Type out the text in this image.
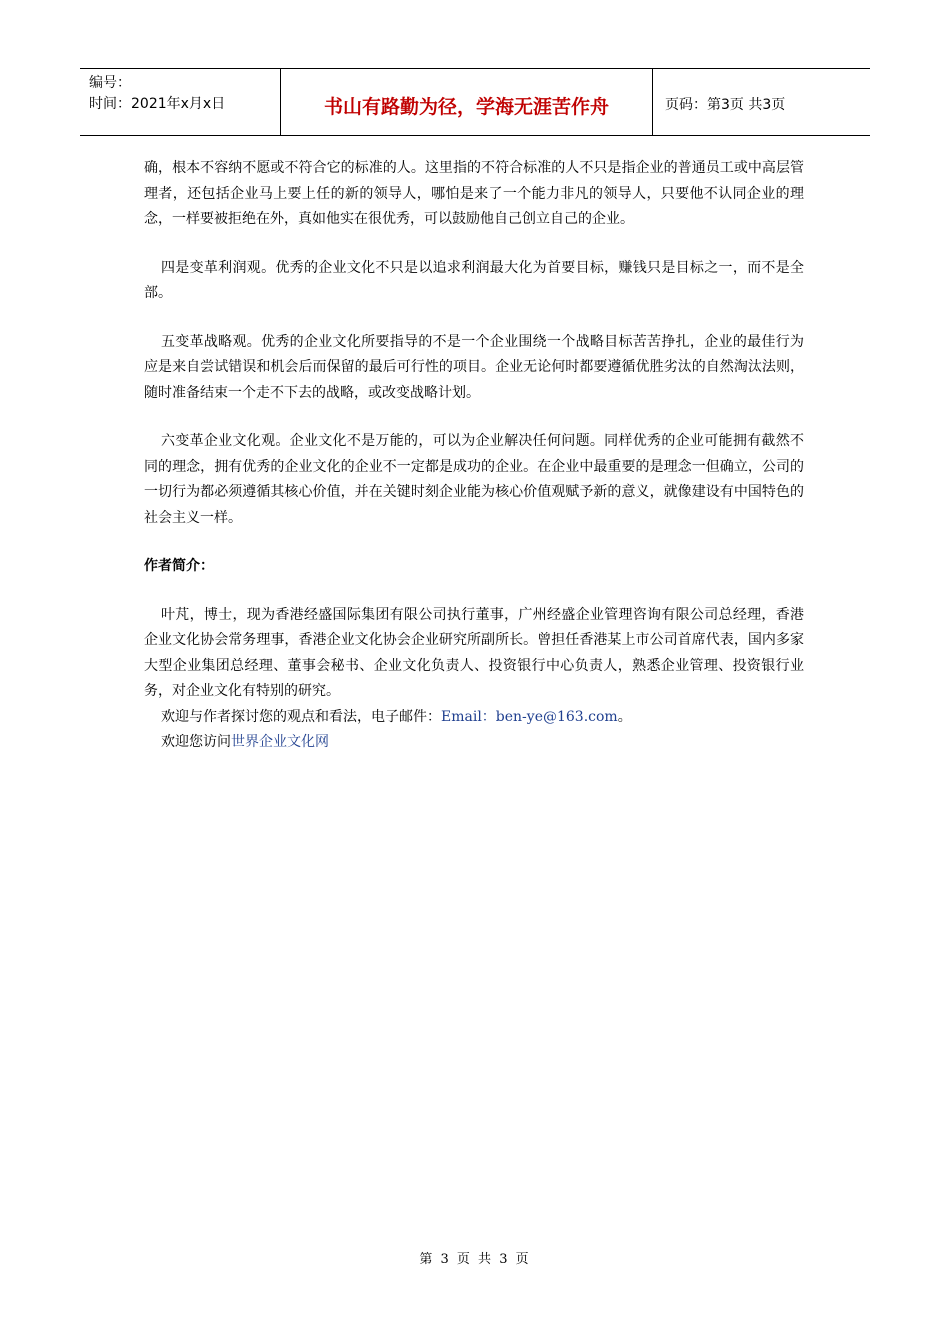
编号：
时间：2021年x月x日	书山有路勤为径，学海无涯苦作舟	页码：第3页 共3页

确，根本不容纳不愿或不符合它的标准的人。这里指的不符合标准的人不只是指企业的普通员工或中高层管理者，还包括企业马上要上任的新的领导人，哪怕是来了一个能力非凡的领导人，只要他不认同企业的理念，一样要被拒绝在外，真如他实在很优秀，可以鼓励他自己创立自己的企业。

四是变革利润观。优秀的企业文化不只是以追求利润最大化为首要目标，赚钱只是目标之一，而不是全部。

五变革战略观。优秀的企业文化所要指导的不是一个企业围绕一个战略目标苦苦挣扎，企业的最佳行为应是来自尝试错误和机会后而保留的最后可行性的项目。企业无论何时都要遵循优胜劣汰的自然淘汰法则，随时准备结束一个走不下去的战略，或改变战略计划。

六变革企业文化观。企业文化不是万能的，可以为企业解决任何问题。同样优秀的企业可能拥有截然不同的理念，拥有优秀的企业文化的企业不一定都是成功的企业。在企业中最重要的是理念一但确立，公司的一切行为都必须遵循其核心价值，并在关键时刻企业能为核心价值观赋予新的意义，就像建设有中国特色的社会主义一样。

作者简介：

叶芃，博士，现为香港经盛国际集团有限公司执行董事，广州经盛企业管理咨询有限公司总经理，香港企业文化协会常务理事，香港企业文化协会企业研究所副所长。曾担任香港某上市公司首席代表，国内多家大型企业集团总经理、董事会秘书、企业文化负责人、投资银行中心负责人，熟悉企业管理、投资银行业务，对企业文化有特别的研究。

欢迎与作者探讨您的观点和看法，电子邮件：Email：ben-ye@163.com。

欢迎您访问世界企业文化网

第 3 页 共 3 页
